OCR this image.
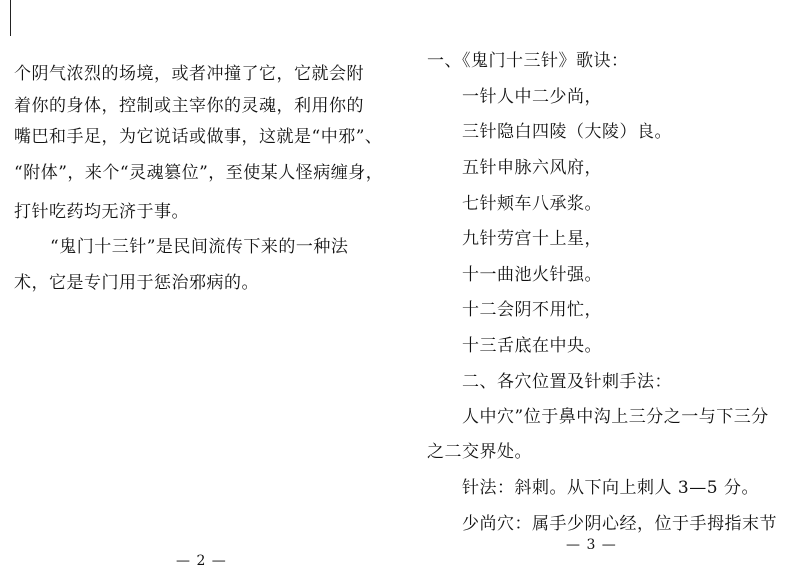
个阴气浓烈的场境，或者冲撞了它，它就会附
着你的身体，控制或主宰你的灵魂，利用你的
嘴巴和手足，为它说话或做事，这就是“中邪”、
“附体”，来个“灵魂篡位”，至使某人怪病缠身，
打针吃药均无济于事。
“鬼门十三针”是民间流传下来的一种法
术，它是专门用于惩治邪病的。
— 2 —
一、《鬼门十三针》歌诀：
一针人中二少尚，
三针隐白四陵（大陵）良。
五针申脉六风府，
七针颊车八承浆。
九针劳宫十上星，
十一曲池火针强。
十二会阴不用忙，
十三舌底在中央。
二、各穴位置及针刺手法：
人中穴”位于鼻中沟上三分之一与下三分
之二交界处。
针法：斜刺。从下向上刺人 3—5 分。
少尚穴：属手少阴心经，位于手拇指末节
— 3 —
